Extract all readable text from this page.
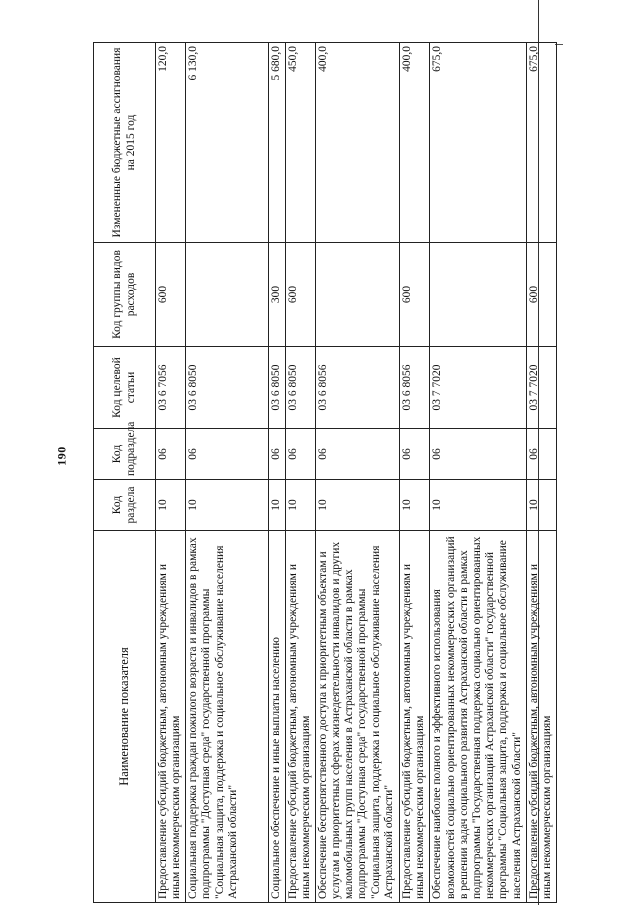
190
Наименование показателя	Код раздела	Код подраздела	Код целевой статьи	Код группы видов расходов	Измененные бюджетные ассигнования на 2015 год
Предоставление субсидий бюджетным, автономным учреждениям и иным некоммерческим организациям	10	06	03 6 7056	600	120,0
Социальная поддержка граждан пожилого возраста и инвалидов в рамках подпрограммы "Доступная среда" государственной программы "Социальная защита, поддержка и социальное обслуживание населения Астраханской области"	10	06	03 6 8050		6 130,0
Социальное обеспечение и иные выплаты населению	10	06	03 6 8050	300	5 680,0
Предоставление субсидий бюджетным, автономным учреждениям и иным некоммерческим организациям	10	06	03 6 8050	600	450,0
Обеспечение беспрепятственного доступа к приоритетным объектам и услугам в приоритетных сферах жизнедеятельности инвалидов и других маломобильных групп населения в Астраханской области в рамках подпрограммы "Доступная среда" государственной программы "Социальная защита, поддержка и социальное обслуживание населения Астраханской области"	10	06	03 6 8056		400,0
Предоставление субсидий бюджетным, автономным учреждениям и иным некоммерческим организациям	10	06	03 6 8056	600	400,0
Обеспечение наиболее полного и эффективного использования возможностей социально ориентированных некоммерческих организаций в решении задач социального развития Астраханской области в рамках подпрограммы "Государственная поддержка социально ориентированных некоммерческих организаций Астраханской области" государственной программы "Социальная защита, поддержка и социальное обслуживание населения Астраханской области"	10	06	03 7 7020		675,0
Предоставление субсидий бюджетным, автономным учреждениям и иным некоммерческим организациям	10	06	03 7 7020	600	675,0
